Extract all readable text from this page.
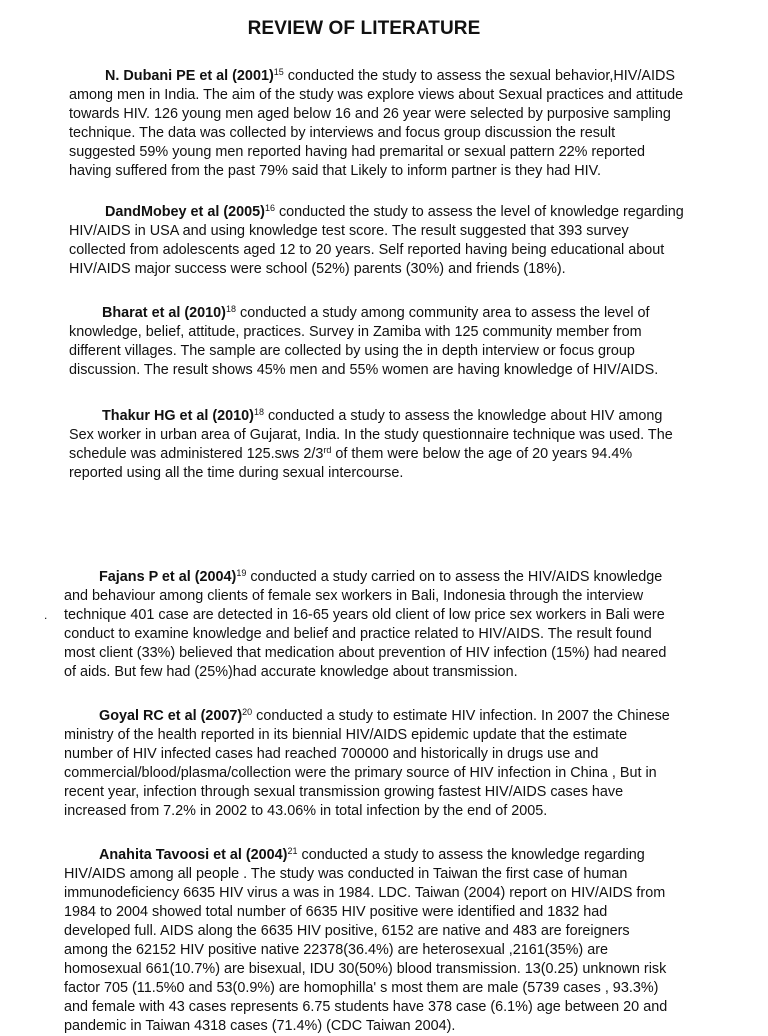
REVIEW OF LITERATURE

N. Dubani PE et al $(2001)^{15}$ conducted the study to assess the sexual behavior,HIV/AIDS among men in India. The aim of the study was explore views about Sexual practices and attitude towards HIV. 126 young men aged below 16 and 26 year were selected by purposive sampling technique. The data was collected by interviews and focus group discussion the result suggested 59% young men reported having had premarital or sexual pattern 22% reported having suffered from the past 79% said that Likely to inform partner is they had HIV.

DandMobey et al $(2005)^{16}$ conducted the study to assess the level of knowledge regarding HIV/AIDS in USA and using knowledge test score. The result suggested that 393 survey collected from adolescents aged 12 to 20 years. Self reported having being educational about HIV/AIDS major success were school (52%) parents (30%) and friends (18%).

Bharat et al $(2010)^{18}$ conducted a study among community area to assess the level of knowledge, belief, attitude, practices. Survey in Zamiba with 125 community member from different villages. The sample are collected by using the in depth interview or focus group discussion. The result shows 45% men and 55% women are having knowledge of HIV/AIDS.

Thakur HG et al $(2010)^{18}$ conducted a study to assess the knowledge about HIV among Sex worker in urban area of Gujarat, India. In the study questionnaire technique was used. The schedule was administered 125.sws 2/3rd of them were below the age of 20 years 94.4% reported using all the time during sexual intercourse.

.

Fajans P et al $(2004)^{19}$ conducted a study carried on to assess the HIV/AIDS knowledge and behaviour among clients of female sex workers in Bali, Indonesia through the interview technique 401 case are detected in 16-65 years old client of low price sex workers in Bali were conduct to examine knowledge and belief and practice related to HIV/AIDS. The result found most client (33%) believed that medication about prevention of HIV infection (15%) had neared of aids. But few had (25%)had accurate knowledge about transmission.

Goyal RC et al $(2007)^{20}$ conducted a study to estimate HIV infection. In 2007 the Chinese ministry of the health reported in its biennial HIV/AIDS epidemic update that the estimate number of HIV infected cases had reached 700000 and historically in drugs use and commercial/blood/plasma/collection were the primary source of HIV infection in China , But in recent year, infection through sexual transmission growing fastest HIV/AIDS cases have increased from 7.2% in 2002 to 43.06% in total infection by the end of 2005.

Anahita Tavoosi et al $(2004)^{21}$ conducted a study to assess the knowledge regarding HIV/AIDS among all people . The study was conducted in Taiwan the first case of human immunodeficiency 6635 HIV virus a was in 1984. LDC. Taiwan (2004) report on HIV/AIDS from 1984 to 2004 showed total number of 6635 HIV positive were identified and 1832 had developed full. AIDS along the 6635 HIV positive, 6152 are native and 483 are foreigners among the 62152 HIV positive native 22378(36.4%) are heterosexual ,2161(35%) are homosexual 661(10.7%) are bisexual, IDU 30(50%) blood transmission. 13(0.25) unknown risk factor 705 (11.5%0 and 53(0.9%) are homophilla' s most them are male (5739 cases , 93.3%) and female with 43 cases represents 6.75 students have 378 case (6.1%) age between 20 and pandemic in Taiwan 4318 cases (71.4%) (CDC Taiwan 2004).
